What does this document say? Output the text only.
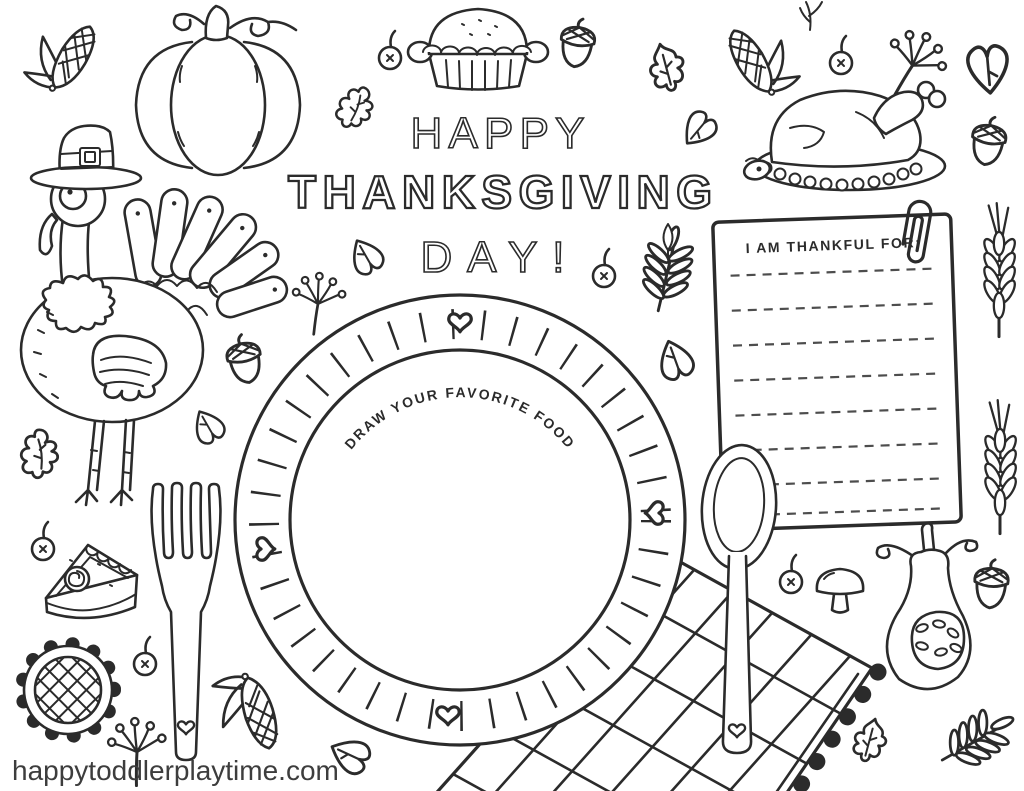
DRAW YOUR FAVORITE FOOD
HAPPY
THANKSGIVING
DAY!	I AM THANKFUL FOR:
happytoddlerplaytime.com
